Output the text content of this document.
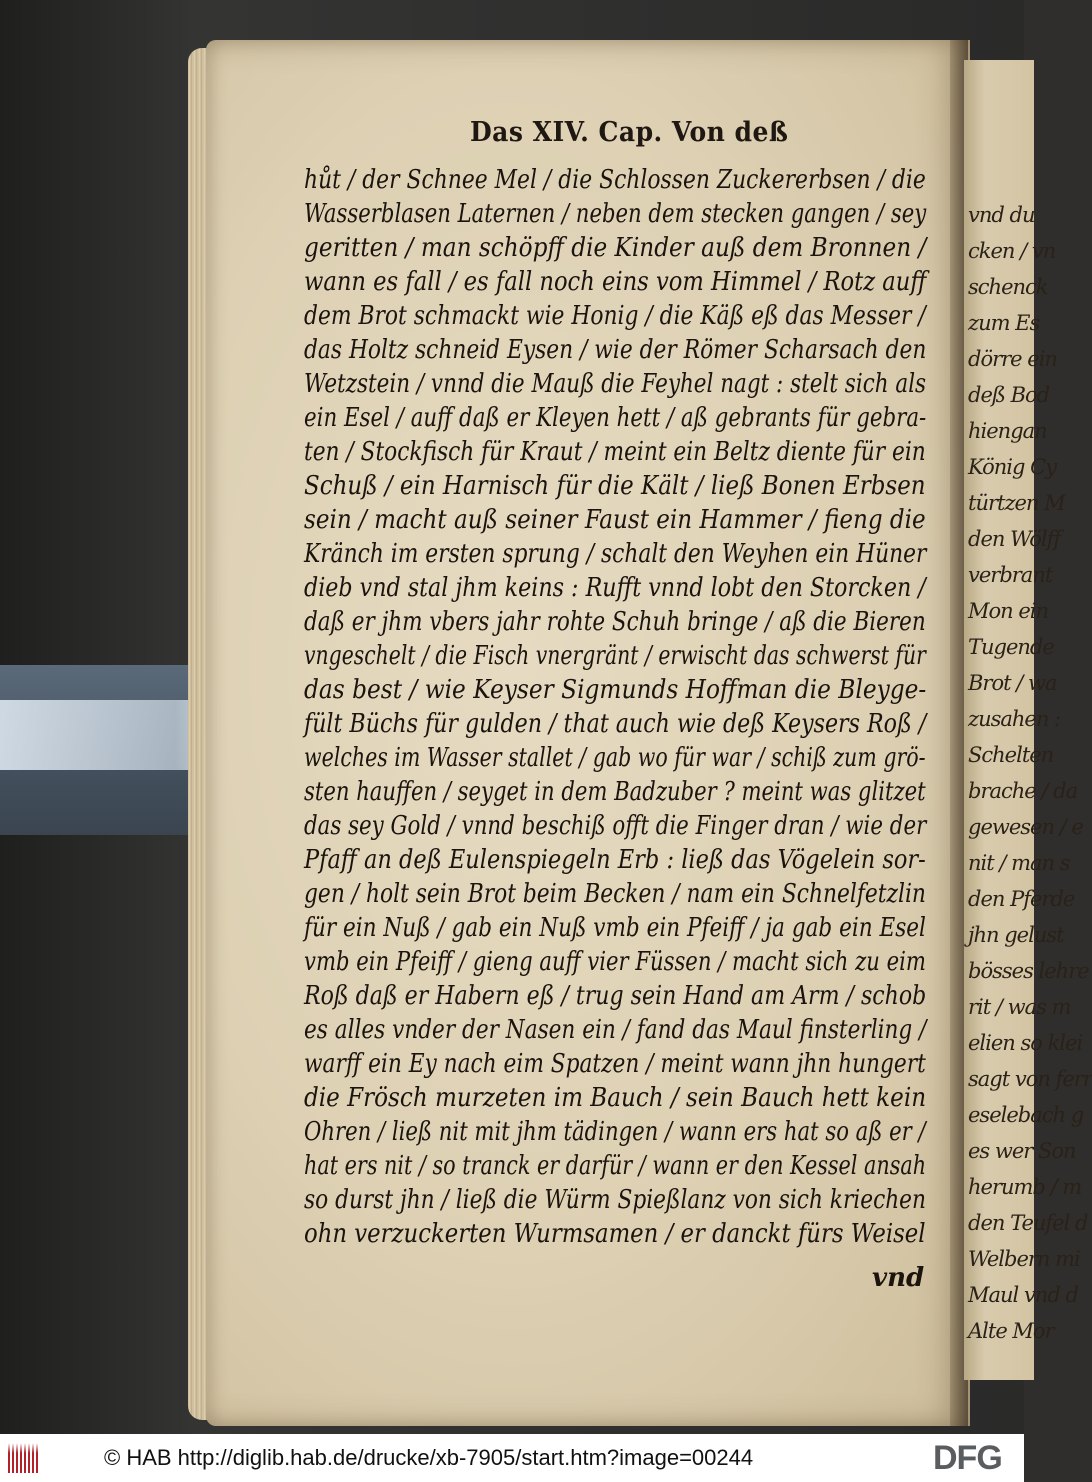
vnd du
cken / vn
schenck
zum Es
dörre ein
deß Bod
hiengan
König Cy
türtzen M
den Wölff
verbrant
Mon ein
Tugende
Brot / wa
zusahen :
Schelten
brache / da
gewesen / e
nit / man s
den Pferde
jhn gelust
bösses lehre
rit / was m
elien so klei
sagt von ferr
eselebach g
es wer Son
herumb / m
den Teufel d
Welbern mi
Maul vnd d
Alte Mor
Das XIV. Cap. Von deß
hůt / der Schnee Mel / die Schlossen Zuckererbsen / die
Wasserblasen Laternen / neben dem stecken gangen / sey
geritten / man schöpff die Kinder auß dem Bronnen /
wann es fall / es fall noch eins vom Himmel / Rotz auff
dem Brot schmackt wie Honig / die Käß eß das Messer /
das Holtz schneid Eysen / wie der Römer Scharsach den
Wetzstein / vnnd die Mauß die Feyhel nagt : stelt sich als
ein Esel / auff daß er Kleyen hett / aß gebrants für gebra-
ten / Stockfisch für Kraut / meint ein Beltz diente für ein
Schuß / ein Harnisch für die Kält / ließ Bonen Erbsen
sein / macht auß seiner Faust ein Hammer / fieng die
Kränch im ersten sprung / schalt den Weyhen ein Hüner
dieb vnd stal jhm keins : Rufft vnnd lobt den Storcken /
daß er jhm vbers jahr rohte Schuh bringe / aß die Bieren
vngeschelt / die Fisch vnergränt / erwischt das schwerst für
das best / wie Keyser Sigmunds Hoffman die Bleyge-
fült Büchs für gulden / that auch wie deß Keysers Roß /
welches im Wasser stallet / gab wo für war / schiß zum grö-
sten hauffen / seyget in dem Badzuber ? meint was glitzet
das sey Gold / vnnd beschiß offt die Finger dran / wie der
Pfaff an deß Eulenspiegeln Erb : ließ das Vögelein sor-
gen / holt sein Brot beim Becken / nam ein Schnelfetzlin
für ein Nuß / gab ein Nuß vmb ein Pfeiff / ja gab ein Esel
vmb ein Pfeiff / gieng auff vier Füssen / macht sich zu eim
Roß daß er Habern eß / trug sein Hand am Arm / schob
es alles vnder der Nasen ein / fand das Maul finsterling /
warff ein Ey nach eim Spatzen / meint wann jhn hungert
die Frösch murzeten im Bauch / sein Bauch hett kein
Ohren / ließ nit mit jhm tädingen / wann ers hat so aß er /
hat ers nit / so tranck er darfür / wann er den Kessel ansah
so durst jhn / ließ die Würm Spießlanz von sich kriechen
ohn verzuckerten Wurmsamen / er danckt fürs Weisel
vnd
© HAB http://diglib.hab.de/drucke/xb-7905/start.htm?image=00244	DFG
